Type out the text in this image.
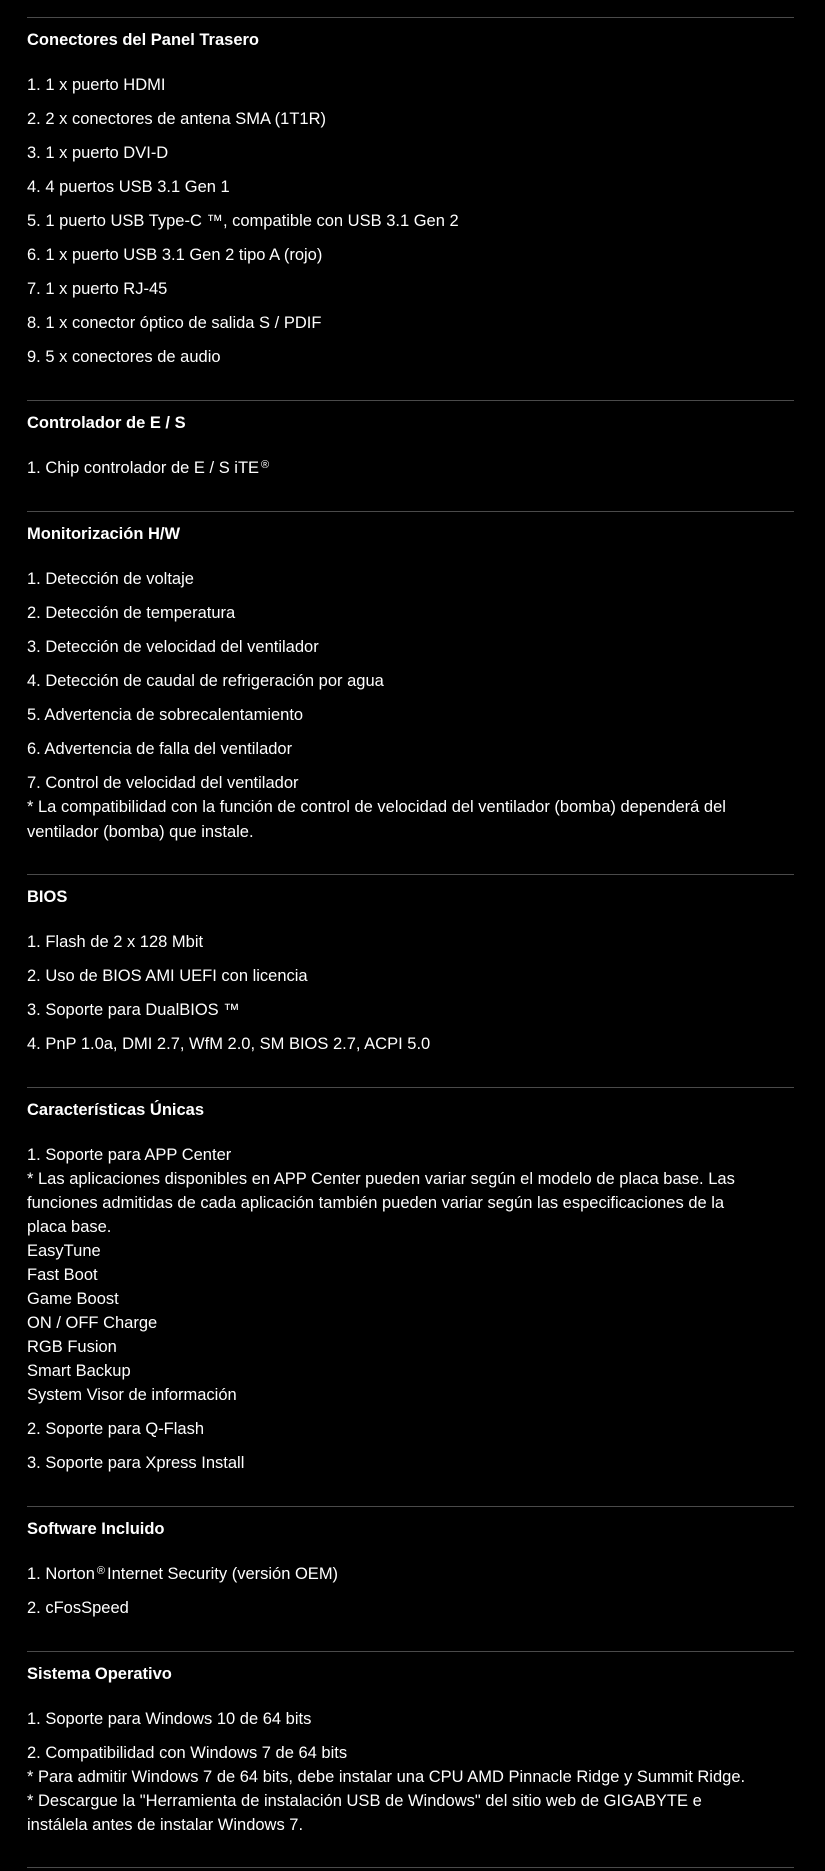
Conectores del Panel Trasero
1. 1 x puerto HDMI
2. 2 x conectores de antena SMA (1T1R)
3. 1 x puerto DVI-D
4. 4 puertos USB 3.1 Gen 1
5. 1 puerto USB Type-C ™, compatible con USB 3.1 Gen 2
6. 1 x puerto USB 3.1 Gen 2 tipo A (rojo)
7. 1 x puerto RJ-45
8. 1 x conector óptico de salida S / PDIF
9. 5 x conectores de audio
Controlador de E / S
1. Chip controlador de E / S iTE ®
Monitorización H/W
1. Detección de voltaje
2. Detección de temperatura
3. Detección de velocidad del ventilador
4. Detección de caudal de refrigeración por agua
5. Advertencia de sobrecalentamiento
6. Advertencia de falla del ventilador
7. Control de velocidad del ventilador
* La compatibilidad con la función de control de velocidad del ventilador (bomba) dependerá del
ventilador (bomba) que instale.
BIOS
1. Flash de 2 x 128 Mbit
2. Uso de BIOS AMI UEFI con licencia
3. Soporte para DualBIOS ™
4. PnP 1.0a, DMI 2.7, WfM 2.0, SM BIOS 2.7, ACPI 5.0
Características Únicas
1. Soporte para APP Center
* Las aplicaciones disponibles en APP Center pueden variar según el modelo de placa base. Las
funciones admitidas de cada aplicación también pueden variar según las especificaciones de la
placa base.
EasyTune
Fast Boot
Game Boost
ON / OFF Charge
RGB Fusion
Smart Backup
System Visor de información
2. Soporte para Q-Flash
3. Soporte para Xpress Install
Software Incluido
1. Norton ® Internet Security (versión OEM)
2. cFosSpeed
Sistema Operativo
1. Soporte para Windows 10 de 64 bits
2. Compatibilidad con Windows 7 de 64 bits
* Para admitir Windows 7 de 64 bits, debe instalar una CPU AMD Pinnacle Ridge y Summit Ridge.
* Descargue la "Herramienta de instalación USB de Windows" del sitio web de GIGABYTE e
instálela antes de instalar Windows 7.
